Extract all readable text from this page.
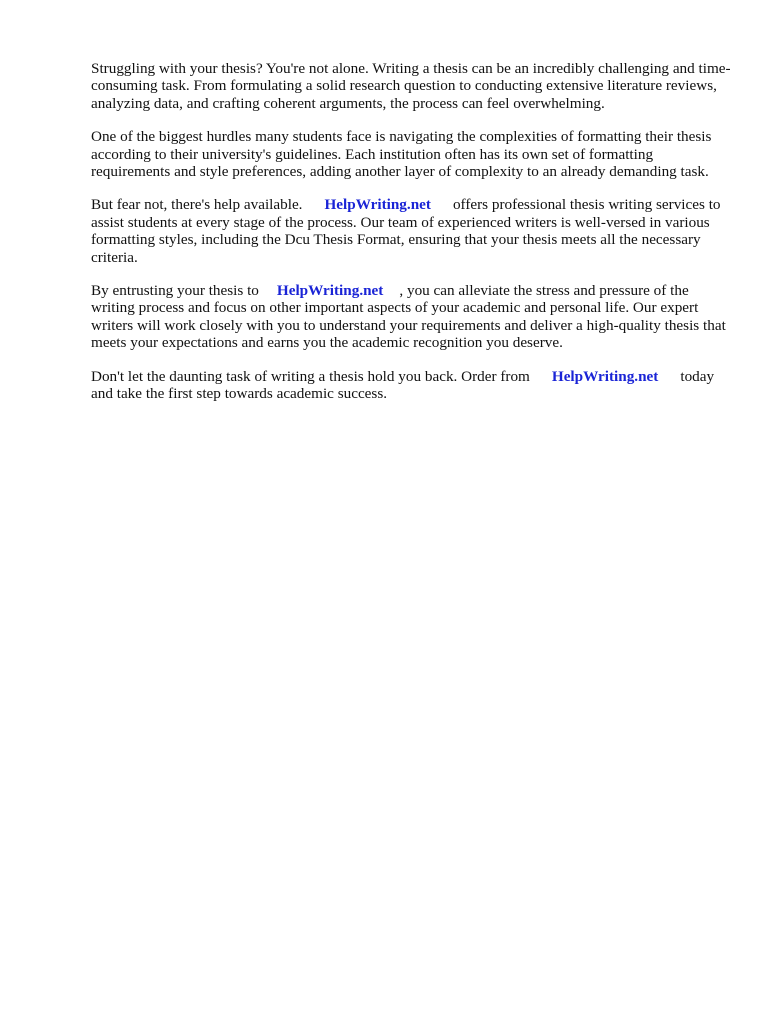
Struggling with your thesis? You're not alone. Writing a thesis can be an incredibly challenging and time-consuming task. From formulating a solid research question to conducting extensive literature reviews, analyzing data, and crafting coherent arguments, the process can feel overwhelming.

One of the biggest hurdles many students face is navigating the complexities of formatting their thesis according to their university's guidelines. Each institution often has its own set of formatting requirements and style preferences, adding another layer of complexity to an already demanding task.

But fear not, there's help available. HelpWriting.net offers professional thesis writing services to assist students at every stage of the process. Our team of experienced writers is well-versed in various formatting styles, including the Dcu Thesis Format, ensuring that your thesis meets all the necessary criteria.

By entrusting your thesis to HelpWriting.net , you can alleviate the stress and pressure of the writing process and focus on other important aspects of your academic and personal life. Our expert writers will work closely with you to understand your requirements and deliver a high-quality thesis that meets your expectations and earns you the academic recognition you deserve.

Don't let the daunting task of writing a thesis hold you back. Order from HelpWriting.net today and take the first step towards academic success.
